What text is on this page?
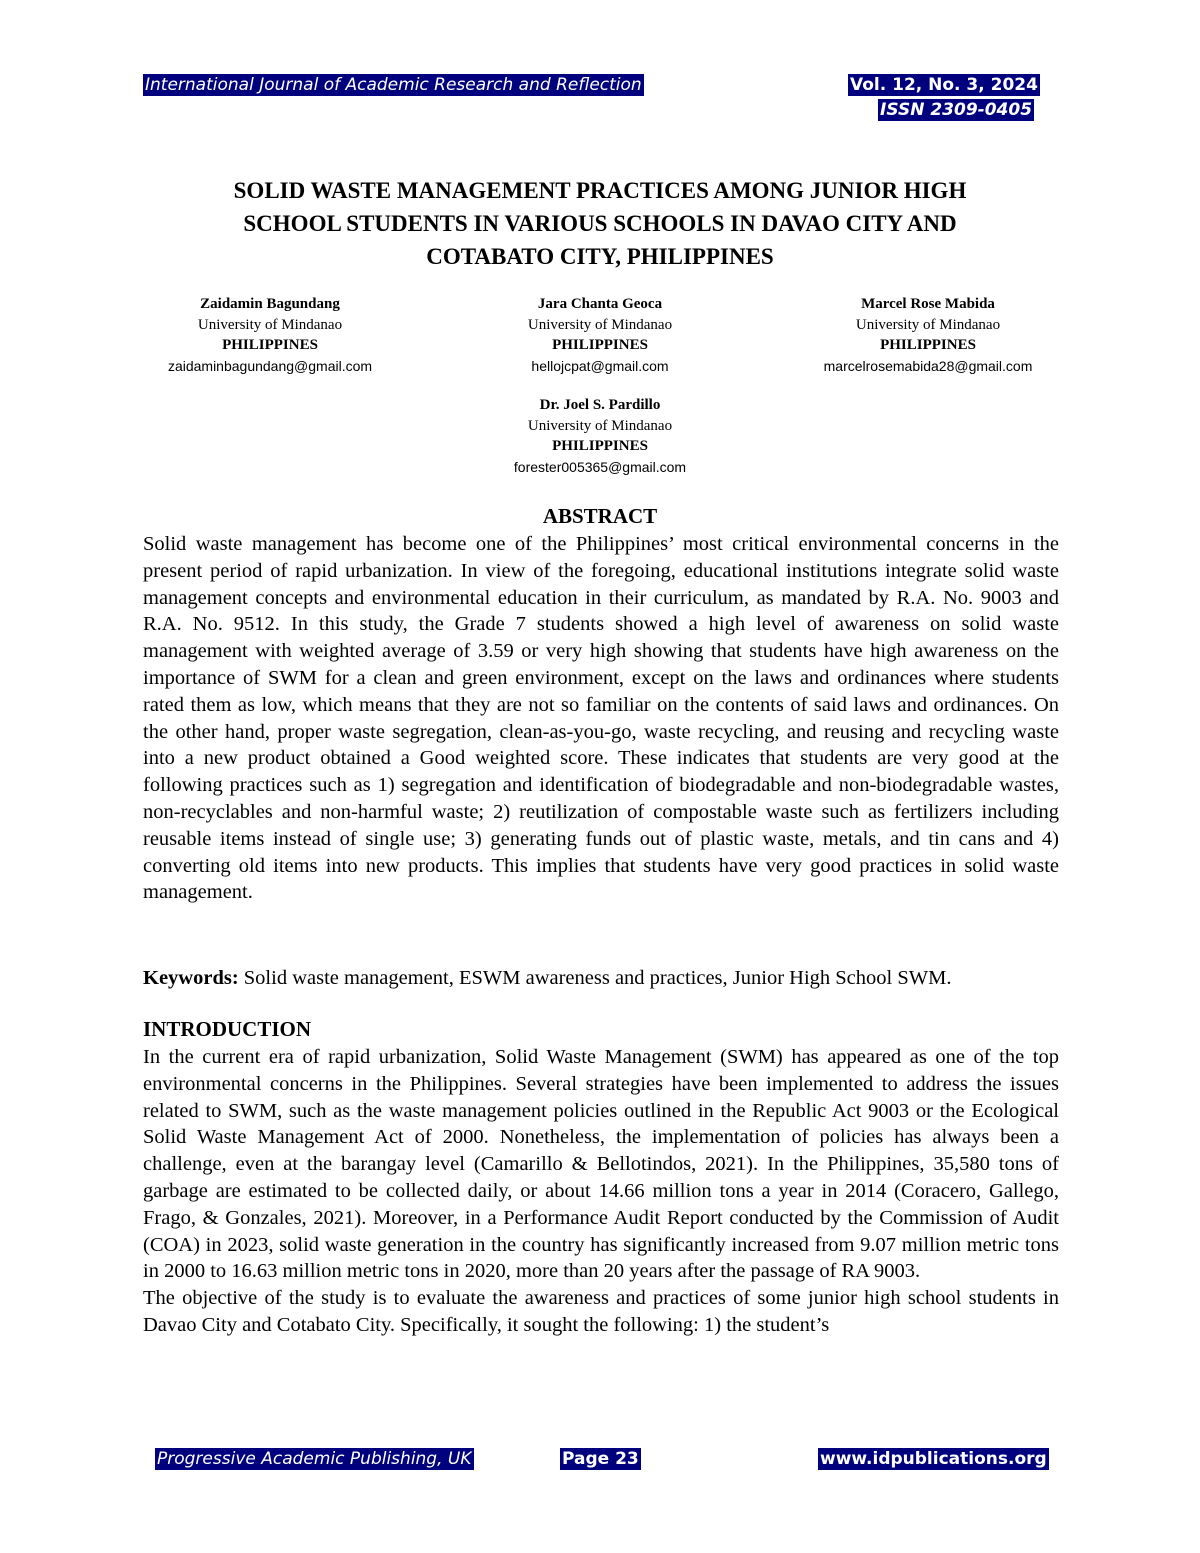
International Journal of Academic Research and Reflection	Vol. 12, No. 3, 2024
ISSN 2309-0405
SOLID WASTE MANAGEMENT PRACTICES AMONG JUNIOR HIGH
SCHOOL STUDENTS IN VARIOUS SCHOOLS IN DAVAO CITY AND
COTABATO CITY, PHILIPPINES
Zaidamin Bagundang
University of Mindanao
PHILIPPINES
zaidaminbagundang@gmail.com
Jara Chanta Geoca
University of Mindanao
PHILIPPINES
hellojcpat@gmail.com
Marcel Rose Mabida
University of Mindanao
PHILIPPINES
marcelrosemabida28@gmail.com
Dr. Joel S. Pardillo
University of Mindanao
PHILIPPINES
forester005365@gmail.com
ABSTRACT
Solid waste management has become one of the Philippines’ most critical environmental concerns in the present period of rapid urbanization. In view of the foregoing, educational institutions integrate solid waste management concepts and environmental education in their curriculum, as mandated by R.A. No. 9003 and R.A. No. 9512. In this study, the Grade 7 students showed a high level of awareness on solid waste management with weighted average of 3.59 or very high showing that students have high awareness on the importance of SWM for a clean and green environment, except on the laws and ordinances where students rated them as low, which means that they are not so familiar on the contents of said laws and ordinances. On the other hand, proper waste segregation, clean-as-you-go, waste recycling, and reusing and recycling waste into a new product obtained a Good weighted score. These indicates that students are very good at the following practices such as 1) segregation and identification of biodegradable and non-biodegradable wastes, non-recyclables and non-harmful waste; 2) reutilization of compostable waste such as fertilizers including reusable items instead of single use; 3) generating funds out of plastic waste, metals, and tin cans and 4) converting old items into new products. This implies that students have very good practices in solid waste management.
Keywords: Solid waste management, ESWM awareness and practices, Junior High School SWM.
INTRODUCTION

In the current era of rapid urbanization, Solid Waste Management (SWM) has appeared as one of the top environmental concerns in the Philippines. Several strategies have been implemented to address the issues related to SWM, such as the waste management policies outlined in the Republic Act 9003 or the Ecological Solid Waste Management Act of 2000. Nonetheless, the implementation of policies has always been a challenge, even at the barangay level (Camarillo & Bellotindos, 2021). In the Philippines, 35,580 tons of garbage are estimated to be collected daily, or about 14.66 million tons a year in 2014 (Coracero, Gallego, Frago, & Gonzales, 2021). Moreover, in a Performance Audit Report conducted by the Commission of Audit (COA) in 2023, solid waste generation in the country has significantly increased from 9.07 million metric tons in 2000 to 16.63 million metric tons in 2020, more than 20 years after the passage of RA 9003.

The objective of the study is to evaluate the awareness and practices of some junior high school students in Davao City and Cotabato City. Specifically, it sought the following: 1) the student’s

Progressive Academic Publishing, UK	Page 23	www.idpublications.org
